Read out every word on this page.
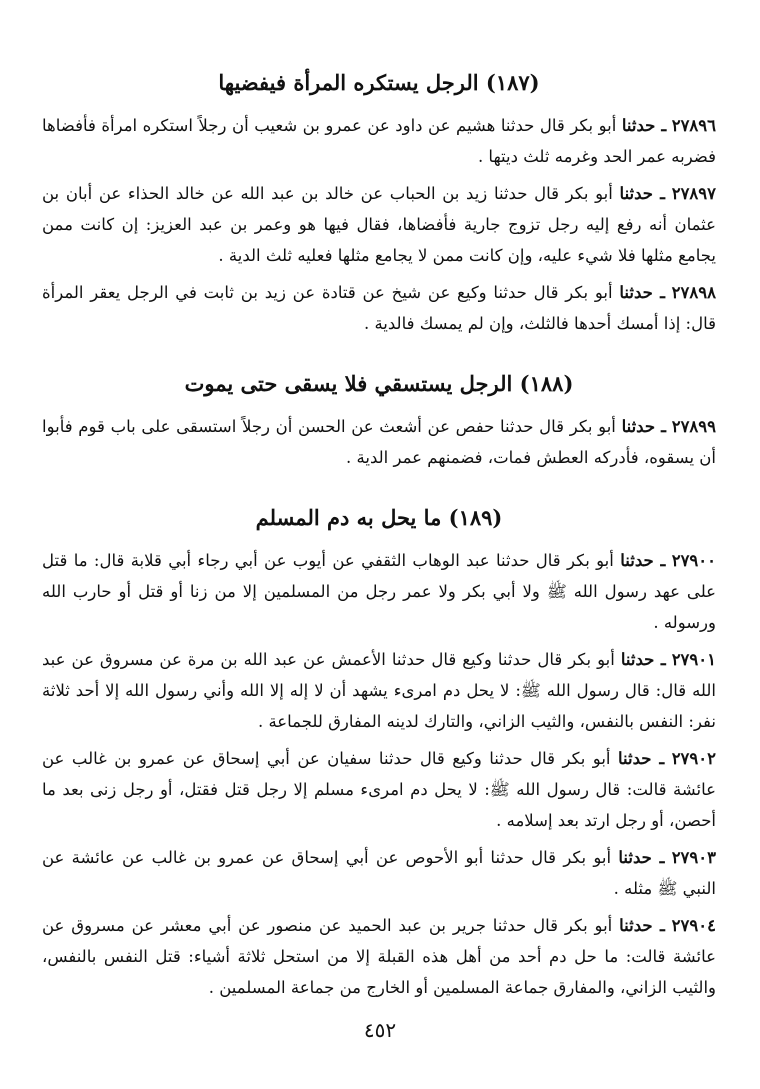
(١٨٧) الرجل يستكره المرأة فيفضيها

٢٧٨٩٦ ـ حدثنا أبو بكر قال حدثنا هشيم عن داود عن عمرو بن شعيب أن رجلاً استكره امرأة فأفضاها فضربه عمر الحد وغرمه ثلث ديتها .

٢٧٨٩٧ ـ حدثنا أبو بكر قال حدثنا زيد بن الحباب عن خالد بن عبد الله عن خالد الحذاء عن أبان بن عثمان أنه رفع إليه رجل تزوج جارية فأفضاها، فقال فيها هو وعمر بن عبد العزيز: إن كانت ممن يجامع مثلها فلا شيء عليه، وإن كانت ممن لا يجامع مثلها فعليه ثلث الدية .

٢٧٨٩٨ ـ حدثنا أبو بكر قال حدثنا وكيع عن شيخ عن قتادة عن زيد بن ثابت في الرجل يعقر المرأة قال: إذا أمسك أحدها فالثلث، وإن لم يمسك فالدية .

(١٨٨) الرجل يستسقي فلا يسقى حتى يموت

٢٧٨٩٩ ـ حدثنا أبو بكر قال حدثنا حفص عن أشعث عن الحسن أن رجلاً استسقى على باب قوم فأبوا أن يسقوه، فأدركه العطش فمات، فضمنهم عمر الدية .

(١٨٩) ما يحل به دم المسلم

٢٧٩٠٠ ـ حدثنا أبو بكر قال حدثنا عبد الوهاب الثقفي عن أيوب عن أبي رجاء أبي قلابة قال: ما قتل على عهد رسول الله ﷺ ولا أبي بكر ولا عمر رجل من المسلمين إلا من زنا أو قتل أو حارب الله ورسوله .

٢٧٩٠١ ـ حدثنا أبو بكر قال حدثنا وكيع قال حدثنا الأعمش عن عبد الله بن مرة عن مسروق عن عبد الله قال: قال رسول الله ﷺ: لا يحل دم امرىء يشهد أن لا إله إلا الله وأني رسول الله إلا أحد ثلاثة نفر: النفس بالنفس، والثيب الزاني، والتارك لدينه المفارق للجماعة .

٢٧٩٠٢ ـ حدثنا أبو بكر قال حدثنا وكيع قال حدثنا سفيان عن أبي إسحاق عن عمرو بن غالب عن عائشة قالت: قال رسول الله ﷺ: لا يحل دم امرىء مسلم إلا رجل قتل فقتل، أو رجل زنى بعد ما أحصن، أو رجل ارتد بعد إسلامه .

٢٧٩٠٣ ـ حدثنا أبو بكر قال حدثنا أبو الأحوص عن أبي إسحاق عن عمرو بن غالب عن عائشة عن النبي ﷺ مثله .

٢٧٩٠٤ ـ حدثنا أبو بكر قال حدثنا جرير بن عبد الحميد عن منصور عن أبي معشر عن مسروق عن عائشة قالت: ما حل دم أحد من أهل هذه القبلة إلا من استحل ثلاثة أشياء: قتل النفس بالنفس، والثيب الزاني، والمفارق جماعة المسلمين أو الخارج من جماعة المسلمين .

٤٥٢
